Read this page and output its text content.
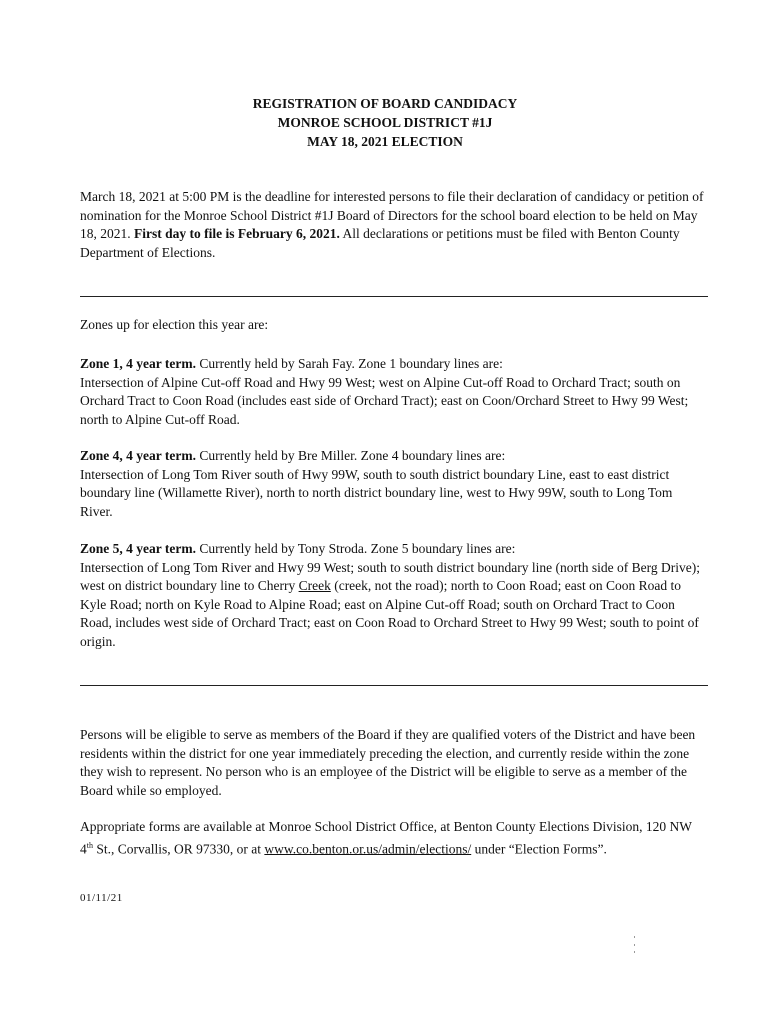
REGISTRATION OF BOARD CANDIDACY
MONROE SCHOOL DISTRICT #1J
MAY 18, 2021 ELECTION

March 18, 2021 at 5:00 PM is the deadline for interested persons to file their declaration of candidacy or petition of nomination for the Monroe School District #1J Board of Directors for the school board election to be held on May 18, 2021. First day to file is February 6, 2021. All declarations or petitions must be filed with Benton County Department of Elections.

Zones up for election this year are:

Zone 1, 4 year term. Currently held by Sarah Fay. Zone 1 boundary lines are:
Intersection of Alpine Cut-off Road and Hwy 99 West; west on Alpine Cut-off Road to Orchard Tract; south on Orchard Tract to Coon Road (includes east side of Orchard Tract); east on Coon/Orchard Street to Hwy 99 West; north to Alpine Cut-off Road.

Zone 4, 4 year term. Currently held by Bre Miller. Zone 4 boundary lines are:
Intersection of Long Tom River south of Hwy 99W, south to south district boundary Line, east to east district boundary line (Willamette River), north to north district boundary line, west to Hwy 99W, south to Long Tom River.

Zone 5, 4 year term. Currently held by Tony Stroda. Zone 5 boundary lines are:
Intersection of Long Tom River and Hwy 99 West; south to south district boundary line (north side of Berg Drive); west on district boundary line to Cherry Creek (creek, not the road); north to Coon Road; east on Coon Road to Kyle Road; north on Kyle Road to Alpine Road; east on Alpine Cut-off Road; south on Orchard Tract to Coon Road, includes west side of Orchard Tract; east on Coon Road to Orchard Street to Hwy 99 West; south to point of origin.

Persons will be eligible to serve as members of the Board if they are qualified voters of the District and have been residents within the district for one year immediately preceding the election, and currently reside within the zone they wish to represent. No person who is an employee of the District will be eligible to serve as a member of the Board while so employed.

Appropriate forms are available at Monroe School District Office, at Benton County Elections Division, 120 NW 4th St., Corvallis, OR 97330, or at www.co.benton.or.us/admin/elections/ under “Election Forms”.

01/11/21
